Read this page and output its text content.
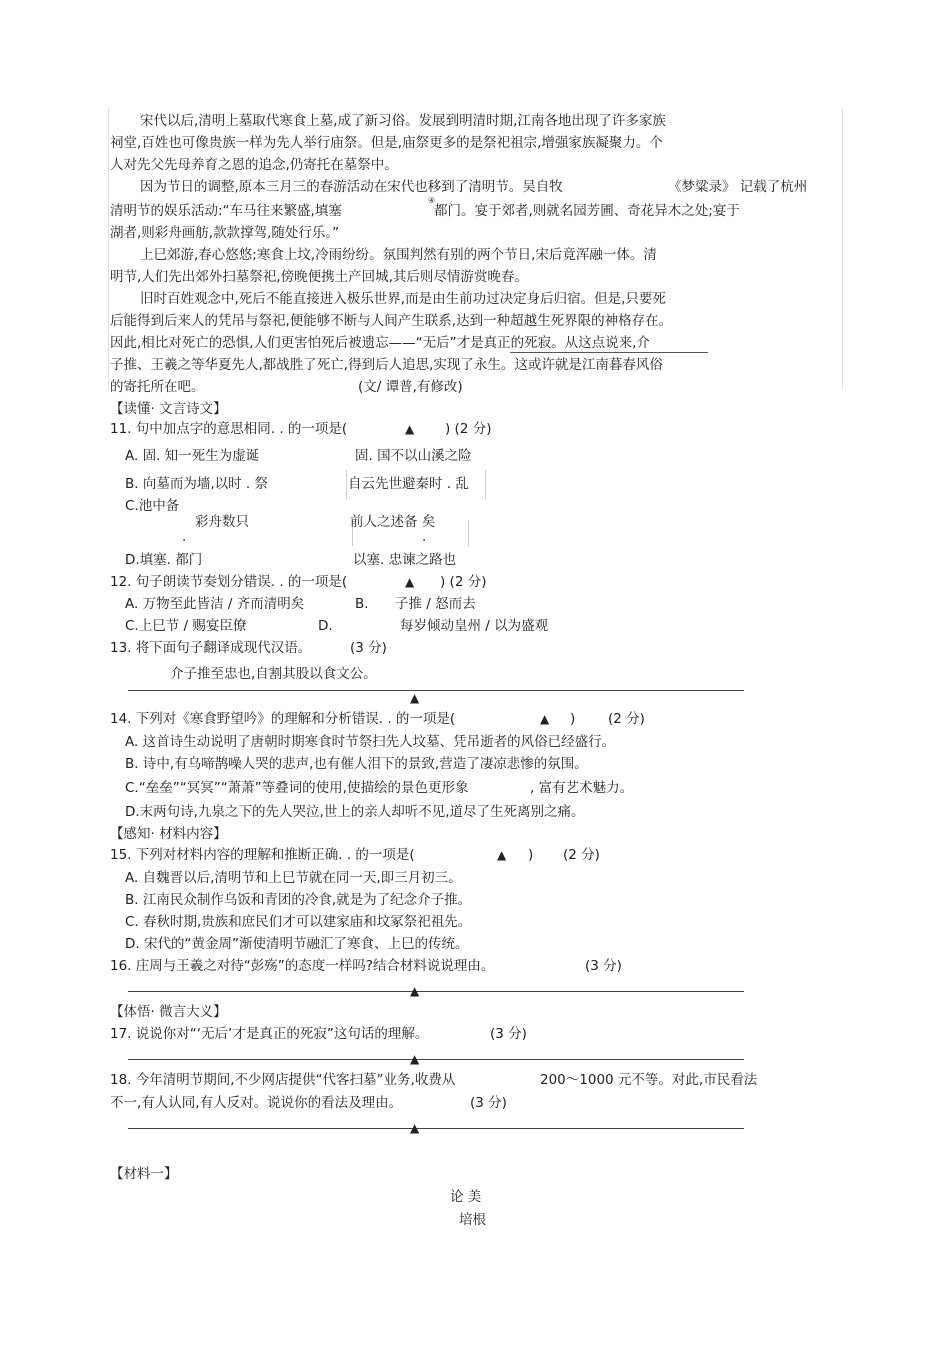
宋代以后,清明上墓取代寒食上墓,成了新习俗。发展到明清时期,江南各地出现了许多家族
祠堂,百姓也可像贵族一样为先人举行庙祭。但是,庙祭更多的是祭祀祖宗,增强家族凝聚力。个
人对先父先母养育之恩的追念,仍寄托在墓祭中。
因为节日的调整,原本三月三的春游活动在宋代也移到了清明节。吴自牧	《梦粱录》 记载了杭州
清明节的娱乐活动:“车马往来繁盛,填塞
④
都门。宴于郊者,则就名园芳圃、奇花异木之处;宴于
湖者,则彩舟画舫,款款撑驾,随处行乐。”
上巳郊游,春心悠悠;寒食上坟,冷雨纷纷。氛围判然有别的两个节日,宋后竟浑融一体。清
明节,人们先出郊外扫墓祭祀,傍晚便携土产回城,其后则尽情游赏晚春。
旧时百姓观念中,死后不能直接进入极乐世界,而是由生前功过决定身后归宿。但是,只要死
后能得到后来人的凭吊与祭祀,便能够不断与人间产生联系,达到一种超越生死界限的神格存在。
因此,相比对死亡的恐惧,人们更害怕死后被遗忘——“无后”才是真正的死寂。从这点说来,介
子推、王羲之等华夏先人,都战胜了死亡,得到后人追思,实现了永生。这或许就是江南暮春风俗
的寄托所在吧。	(文/ 谭普,有修改)
【读懂· 文言诗文】
11. 句中加点字的意思相同. . 的一项是(	▲ ) (2 分)
A. 固. 知一死生为虚诞	固. 国不以山溪之险
B. 向墓而为墻,以时 . 祭	自云先世避秦时 . 乱
C.池中备
彩舟数只
.
前人之述备 矣
.
D.填塞. 都门	以塞. 忠谏之路也
12. 句子朗读节奏划分错误. . 的一项是(	▲ ) (2 分)
A. 万物至此皆洁 / 齐而清明矣	B. 子推 / 怒而去
C.上巳节 / 赐宴臣僚	D.	每岁倾动皇州 / 以为盛观
13. 将下面句子翻译成现代汉语。	(3 分)
介子推至忠也,自割其股以食文公。
▲
14. 下列对《寒食野望吟》的理解和分析错误. . 的一项是(	▲ ) (2 分)
A. 这首诗生动说明了唐朝时期寒食时节祭扫先人坟墓、凭吊逝者的风俗已经盛行。
B. 诗中,有乌啼鹊噪人哭的悲声,也有催人泪下的景致,营造了凄凉悲惨的氛围。
C.“垒垒”“冥冥”“萧萧”等叠词的使用,使描绘的景色更形象	, 富有艺术魅力。
D.末两句诗,九泉之下的先人哭泣,世上的亲人却听不见,道尽了生死离别之痛。
【感知· 材料内容】
15. 下列对材料内容的理解和推断正确. . 的一项是(	▲ ) (2 分)
A. 自魏晋以后,清明节和上巳节就在同一天,即三月初三。
B. 江南民众制作乌饭和青团的冷食,就是为了纪念介子推。
C. 春秋时期,贵族和庶民们才可以建家庙和坟冢祭祀祖先。
D. 宋代的“黄金周”渐使清明节融汇了寒食、上巳的传统。
16. 庄周与王羲之对待“彭殇”的态度一样吗?结合材料说说理由。	(3 分)
▲
【体悟· 微言大义】
17. 说说你对“‘无后’才是真正的死寂”这句话的理解。	(3 分)
▲
18. 今年清明节期间,不少网店提供“代客扫墓”业务,收费从	200～1000 元不等。对此,市民看法
不一,有人认同,有人反对。说说你的看法及理由。	(3 分)
▲
【材料一】
论 美
培根
